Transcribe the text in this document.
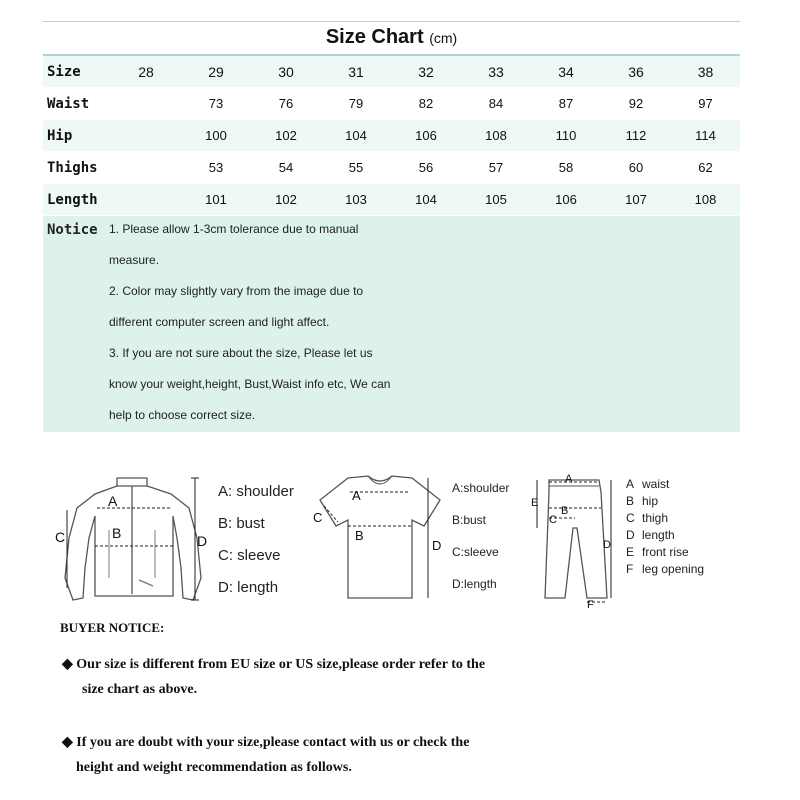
Size Chart (cm)
Size	28	29	30	31	32	33	34	36	38
Waist		73	76	79	82	84	87	92	97
Hip		100	102	104	106	108	110	112	114
Thighs		53	54	55	56	57	58	60	62
Length		101	102	103	104	105	106	107	108
Notice 1. Please allow 1-3cm tolerance due to manual
measure.
2. Color may slightly vary from the image due to
different computer screen and light affect.
3. If you are not sure about the size, Please let us
know your weight,height, Bust,Waist info etc, We can
help to choose correct size.
A
B
C	D
A: shoulder
B: bust
C: sleeve
D: length
A
B
C
D
A:shoulder
B:bust
C:sleeve
D:length
A
B
C
D
E
F
A waist
B hip
C thigh
D length
E front rise
F leg opening
BUYER NOTICE:
◆ Our size is different from EU size or US size,please order refer to the
size chart as above.
◆ If you are doubt with your size,please contact with us or check the
height and weight recommendation as follows.
